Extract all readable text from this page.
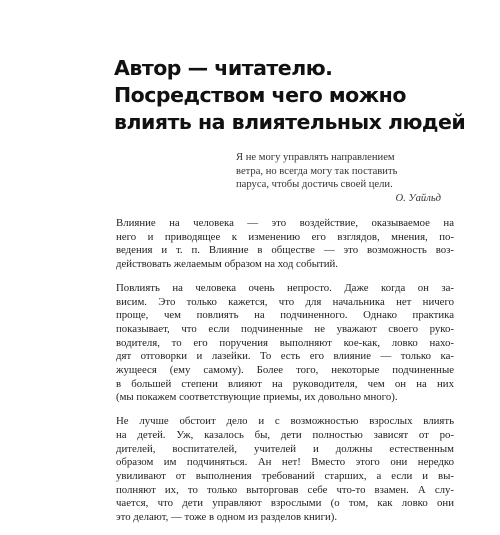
Автор — читателю.
Посредством чего можно
влиять на влиятельных людей
Я не могу управлять направлением
ветра, но всегда могу так поставить
паруса, чтобы достичь своей цели.
О. Уайльд
Влияние на человека — это воздействие, оказываемое на
него и приводящее к изменению его взглядов, мнения, по-
ведения и т. п. Влияние в обществе — это возможность воз-
действовать желаемым образом на ход событий.
Повлиять на человека очень непросто. Даже когда он за-
висим. Это только кажется, что для начальника нет ничего
проще, чем повлиять на подчиненного. Однако практика
показывает, что если подчиненные не уважают своего руко-
водителя, то его поручения выполняют кое-как, ловко нахо-
дят отговорки и лазейки. То есть его влияние — только ка-
жущееся (ему самому). Более того, некоторые подчиненные
в большей степени влияют на руководителя, чем он на них
(мы покажем соответствующие приемы, их довольно много).
Не лучше обстоит дело и с возможностью взрослых влиять
на детей. Уж, казалось бы, дети полностью зависят от ро-
дителей, воспитателей, учителей и должны естественным
образом им подчиняться. Ан нет! Вместо этого они нередко
увиливают от выполнения требований старших, а если и вы-
полняют их, то только выторговав себе что-то взамен. А слу-
чается, что дети управляют взрослыми (о том, как ловко они
это делают, — тоже в одном из разделов книги).
